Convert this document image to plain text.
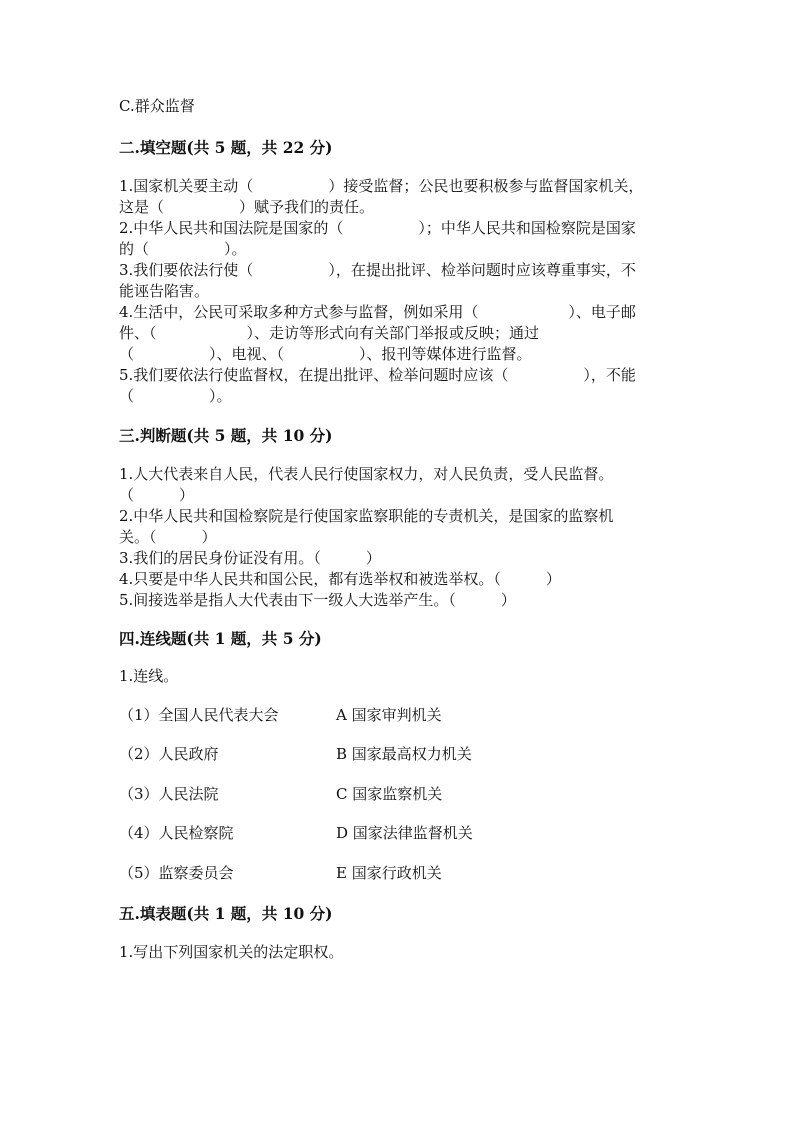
C.群众监督
二.填空题(共 5 题，共 22 分)
1.国家机关要主动（　　　　　）接受监督；公民也要积极参与监督国家机关，
这是（　　　　　）赋予我们的责任。
2.中华人民共和国法院是国家的（　　　　　）；中华人民共和国检察院是国家
的（　　　　　）。
3.我们要依法行使（　　　　　），在提出批评、检举问题时应该尊重事实，不
能诬告陷害。
4.生活中，公民可采取多种方式参与监督，例如采用（　　　　　　）、电子邮
件、（　　　　　　）、走访等形式向有关部门举报或反映；通过
（　　　　　）、电视、（　　　　　）、报刊等媒体进行监督。
5.我们要依法行使监督权，在提出批评、检举问题时应该（　　　　　），不能
（　　　　　）。
三.判断题(共 5 题，共 10 分)
1.人大代表来自人民，代表人民行使国家权力，对人民负责，受人民监督。
（　　　）
2.中华人民共和国检察院是行使国家监察职能的专责机关，是国家的监察机
关。（　　　）
3.我们的居民身份证没有用。（　　　）
4.只要是中华人民共和国公民，都有选举权和被选举权。（　　　）
5.间接选举是指人大代表由下一级人大选举产生。（　　　）
四.连线题(共 1 题，共 5 分)
1.连线。
（1）全国人民代表大会	A 国家审判机关
（2）人民政府	B 国家最高权力机关
（3）人民法院	C 国家监察机关
（4）人民检察院	D 国家法律监督机关
（5）监察委员会	E 国家行政机关
五.填表题(共 1 题，共 10 分)
1.写出下列国家机关的法定职权。
